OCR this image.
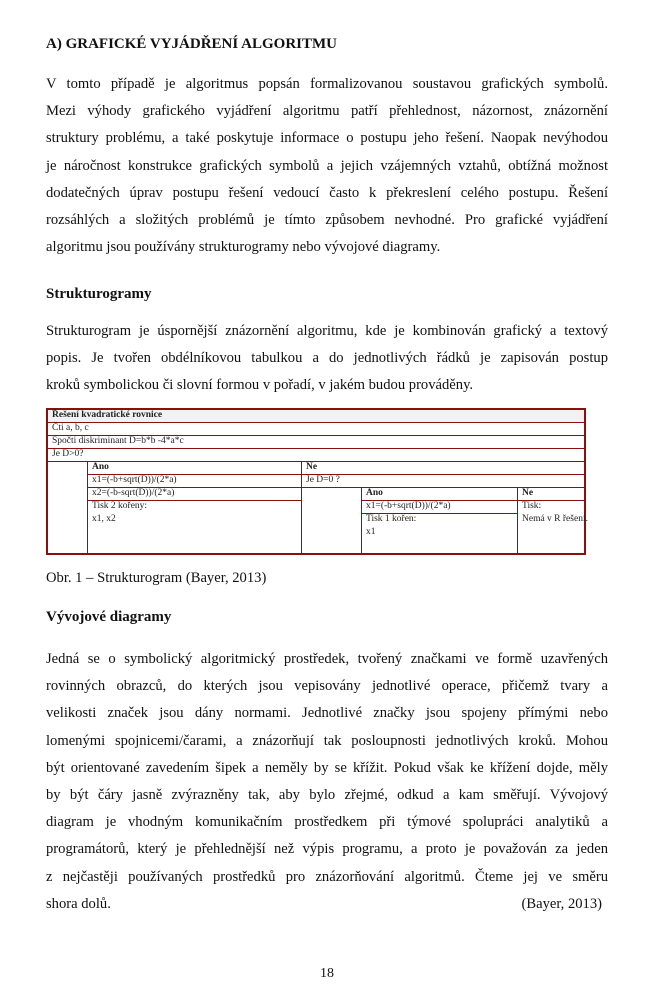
A) GRAFICKÉ VYJÁDŘENÍ ALGORITMU
V tomto případě je algoritmus popsán formalizovanou soustavou grafických symbolů.
Mezi výhody grafického vyjádření algoritmu patří přehlednost, názornost, znázornění
struktury problému, a také poskytuje informace o postupu jeho řešení. Naopak nevýhodou
je náročnost konstrukce grafických symbolů a jejich vzájemných vztahů, obtížná možnost
dodatečných úprav postupu řešení vedoucí často k překreslení celého postupu. Řešení
rozsáhlých a složitých problémů je tímto způsobem nevhodné. Pro grafické vyjádření
algoritmu jsou používány strukturogramy nebo vývojové diagramy.
Strukturogramy
Strukturogram je úspornější znázornění algoritmu, kde je kombinován grafický a textový
popis. Je tvořen obdélníkovou tabulkou a do jednotlivých řádků je zapisován postup
kroků symbolickou či slovní formou v pořadí, v jakém budou prováděny.
Řešení kvadratické rovnice
Čti a, b, c
Spočti diskriminant D=b*b -4*a*c
Je D>0?
Ano	Ne
x1=(-b+sqrt(D))/(2*a)
x2=(-b-sqrt(D))/(2*a)
Tisk 2 kořeny:
x1, x2
Je D=0 ?
Ano	Ne
x1=(-b+sqrt(D))/(2*a)
Tisk 1 kořen:
x1
Tisk:
Nemá v R řešení.
Obr. 1 – Strukturogram (Bayer, 2013)
Vývojové diagramy
Jedná se o symbolický algoritmický prostředek, tvořený značkami ve formě uzavřených
rovinných obrazců, do kterých jsou vepisovány jednotlivé operace, přičemž tvary a
velikosti značek jsou dány normami. Jednotlivé značky jsou spojeny přímými nebo
lomenými spojnicemi/čarami, a znázorňují tak posloupnosti jednotlivých kroků. Mohou
být orientované zavedením šipek a neměly by se křížit. Pokud však ke křížení dojde, měly
by být čáry jasně zvýrazněny tak, aby bylo zřejmé, odkud a kam směřují. Vývojový
diagram je vhodným komunikačním prostředkem při týmové spolupráci analytiků a
programátorů, který je přehlednější než výpis programu, a proto je považován za jeden
z nejčastěji používaných prostředků pro znázorňování algoritmů. Čteme jej ve směru
shora dolů.	(Bayer, 2013)
18
